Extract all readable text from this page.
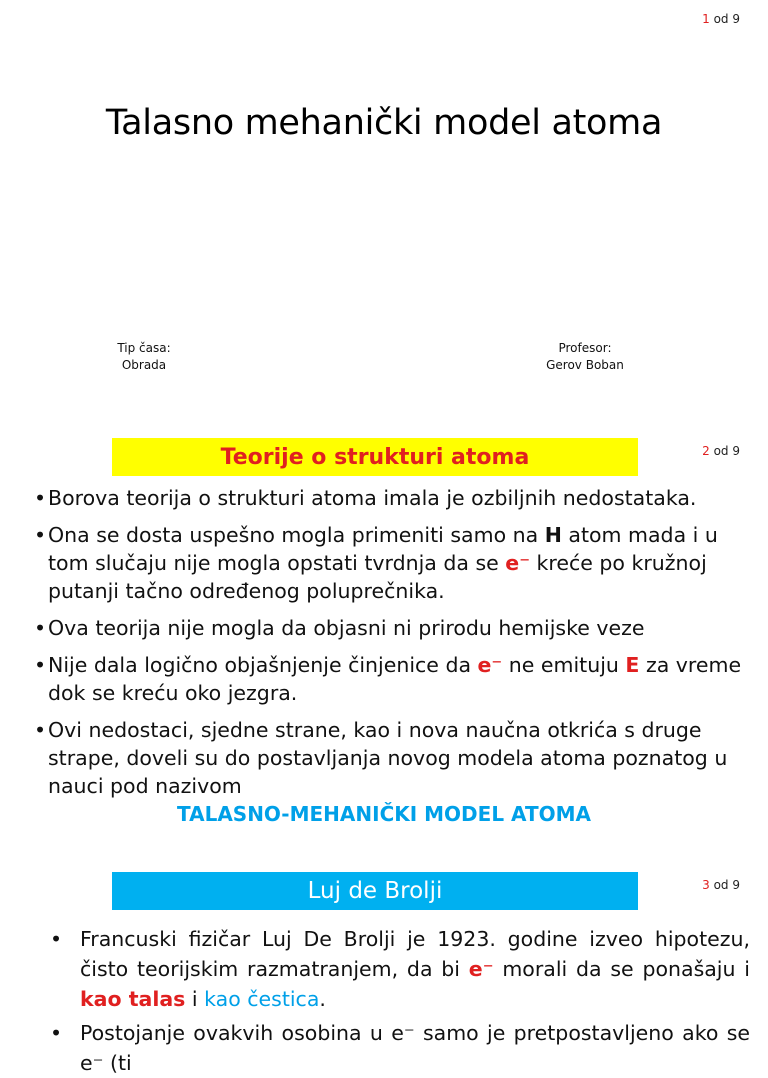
1 od 9
Talasno mehanički model atoma
Tip časa:
Obrada
Profesor:
Gerov Boban
2 od 9
Teorije o strukturi atoma
• Borova teorija o strukturi atoma imala je ozbiljnih nedostataka.
• Ona se dosta uspešno mogla primeniti samo na H atom mada i u tom slučaju nije mogla opstati tvrdnja da se e⁻ kreće po kružnoj putanji tačno određenog poluprečnika.
• Ova teorija nije mogla da objasni ni prirodu hemijske veze
• Nije dala logično objašnjenje činjenice da e⁻ ne emituju E za vreme dok se kreću oko jezgra.
• Ovi nedostaci, sjedne strane, kao i nova naučna otkrića s druge strape, doveli su do postavljanja novog modela atoma poznatog u nauci pod nazivom
TALASNO-MEHANIČKI MODEL ATOMA
3 od 9
Luj de Brolji
• Francuski fizičar Luj De Brolji je 1923. godine izveo hipotezu, čisto teorijskim razmatranjem, da bi e⁻ morali da se ponašaju i kao talas i kao čestica.
• Postojanje ovakvih osobina u e⁻ samo je pretpostavljeno ako se e⁻ (ti
